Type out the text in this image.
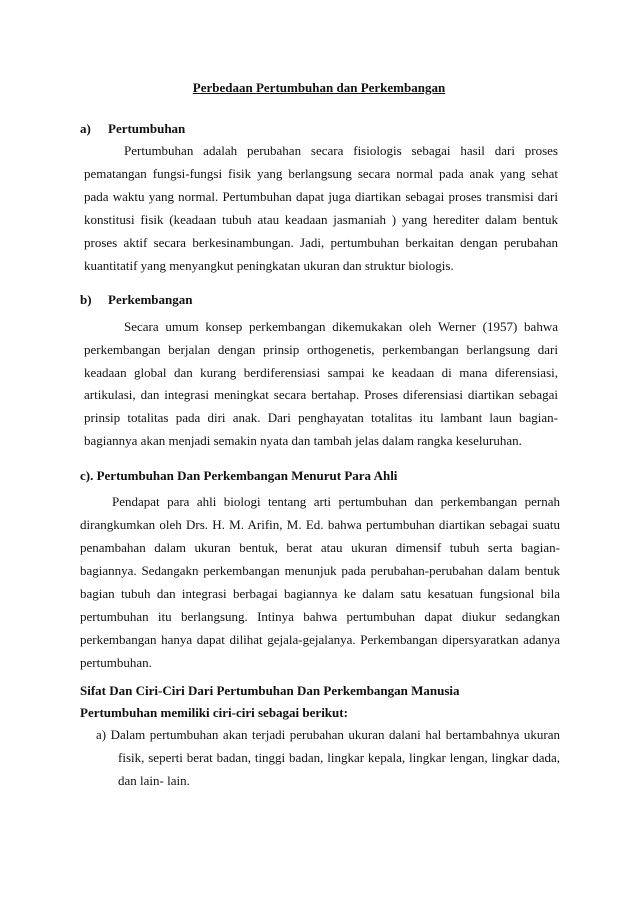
Perbedaan Pertumbuhan dan Perkembangan
a) Pertumbuhan
Pertumbuhan adalah perubahan secara fisiologis sebagai hasil dari proses pematangan fungsi-fungsi fisik yang berlangsung secara normal pada anak yang sehat pada waktu yang normal. Pertumbuhan dapat juga diartikan sebagai proses transmisi dari konstitusi fisik (keadaan tubuh atau keadaan jasmaniah ) yang herediter dalam bentuk proses aktif secara berkesinambungan. Jadi, pertumbuhan berkaitan dengan perubahan kuantitatif yang menyangkut peningkatan ukuran dan struktur biologis.
b) Perkembangan
Secara umum konsep perkembangan dikemukakan oleh Werner (1957) bahwa perkembangan berjalan dengan prinsip orthogenetis, perkembangan berlangsung dari keadaan global dan kurang berdiferensiasi sampai ke keadaan di mana diferensiasi, artikulasi, dan integrasi meningkat secara bertahap. Proses diferensiasi diartikan sebagai prinsip totalitas pada diri anak. Dari penghayatan totalitas itu lambant laun bagian-bagiannya akan menjadi semakin nyata dan tambah jelas dalam rangka keseluruhan.
c). Pertumbuhan Dan Perkembangan Menurut Para Ahli
Pendapat para ahli biologi tentang arti pertumbuhan dan perkembangan pernah dirangkumkan oleh Drs. H. M. Arifin, M. Ed. bahwa pertumbuhan diartikan sebagai suatu penambahan dalam ukuran bentuk, berat atau ukuran dimensif tubuh serta bagian-bagiannya. Sedangakn perkembangan menunjuk pada perubahan-perubahan dalam bentuk bagian tubuh dan integrasi berbagai bagiannya ke dalam satu kesatuan fungsional bila pertumbuhan itu berlangsung. Intinya bahwa pertumbuhan dapat diukur sedangkan perkembangan hanya dapat dilihat gejala-gejalanya. Perkembangan dipersyaratkan adanya pertumbuhan.
Sifat Dan Ciri-Ciri Dari Pertumbuhan Dan Perkembangan Manusia
Pertumbuhan memiliki ciri-ciri sebagai berikut:
a) Dalam pertumbuhan akan terjadi perubahan ukuran dalani hal bertambahnya ukuran fisik, seperti berat badan, tinggi badan, lingkar kepala, lingkar lengan, lingkar dada, dan lain- lain.
